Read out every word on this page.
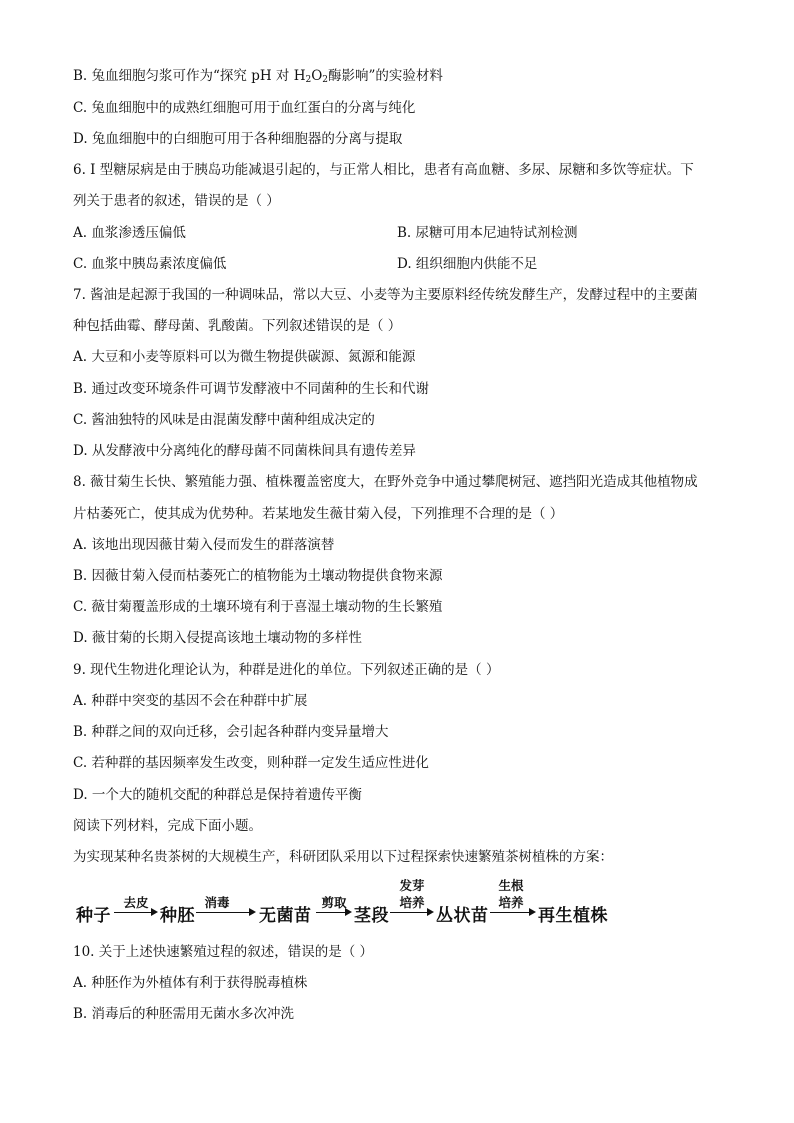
B. 兔血细胞匀浆可作为“探究 pH 对 $H_2O_2$酶影响”的实验材料
C. 兔血细胞中的成熟红细胞可用于血红蛋白的分离与纯化
D. 兔血细胞中的白细胞可用于各种细胞器的分离与提取
6. I 型糖尿病是由于胰岛功能减退引起的，与正常人相比，患者有高血糖、多尿、尿糖和多饮等症状。下
列关于患者的叙述，错误的是（ ）
A. 血浆渗透压偏低	B. 尿糖可用本尼迪特试剂检测
C. 血浆中胰岛素浓度偏低	D. 组织细胞内供能不足
7. 酱油是起源于我国的一种调味品，常以大豆、小麦等为主要原料经传统发酵生产，发酵过程中的主要菌
种包括曲霉、酵母菌、乳酸菌。下列叙述错误的是（ ）
A. 大豆和小麦等原料可以为微生物提供碳源、氮源和能源
B. 通过改变环境条件可调节发酵液中不同菌种的生长和代谢
C. 酱油独特的风味是由混菌发酵中菌种组成决定的
D. 从发酵液中分离纯化的酵母菌不同菌株间具有遗传差异
8. 薇甘菊生长快、繁殖能力强、植株覆盖密度大，在野外竞争中通过攀爬树冠、遮挡阳光造成其他植物成
片枯萎死亡，使其成为优势种。若某地发生薇甘菊入侵，下列推理不合理的是（ ）
A. 该地出现因薇甘菊入侵而发生的群落演替
B. 因薇甘菊入侵而枯萎死亡的植物能为土壤动物提供食物来源
C. 薇甘菊覆盖形成的土壤环境有利于喜湿土壤动物的生长繁殖
D. 薇甘菊的长期入侵提高该地土壤动物的多样性
9. 现代生物进化理论认为，种群是进化的单位。下列叙述正确的是（ ）
A. 种群中突变的基因不会在种群中扩展
B. 种群之间的双向迁移，会引起各种群内变异量增大
C. 若种群的基因频率发生改变，则种群一定发生适应性进化
D. 一个大的随机交配的种群总是保持着遗传平衡
阅读下列材料，完成下面小题。
为实现某种名贵茶树的大规模生产，科研团队采用以下过程探索快速繁殖茶树植株的方案：
种子
去皮
种胚
消毒
无菌苗
剪取
茎段
发芽
培养
丛状苗
生根
培养
再生植株
10. 关于上述快速繁殖过程的叙述，错误的是（ ）
A. 种胚作为外植体有利于获得脱毒植株
B. 消毒后的种胚需用无菌水多次冲洗
